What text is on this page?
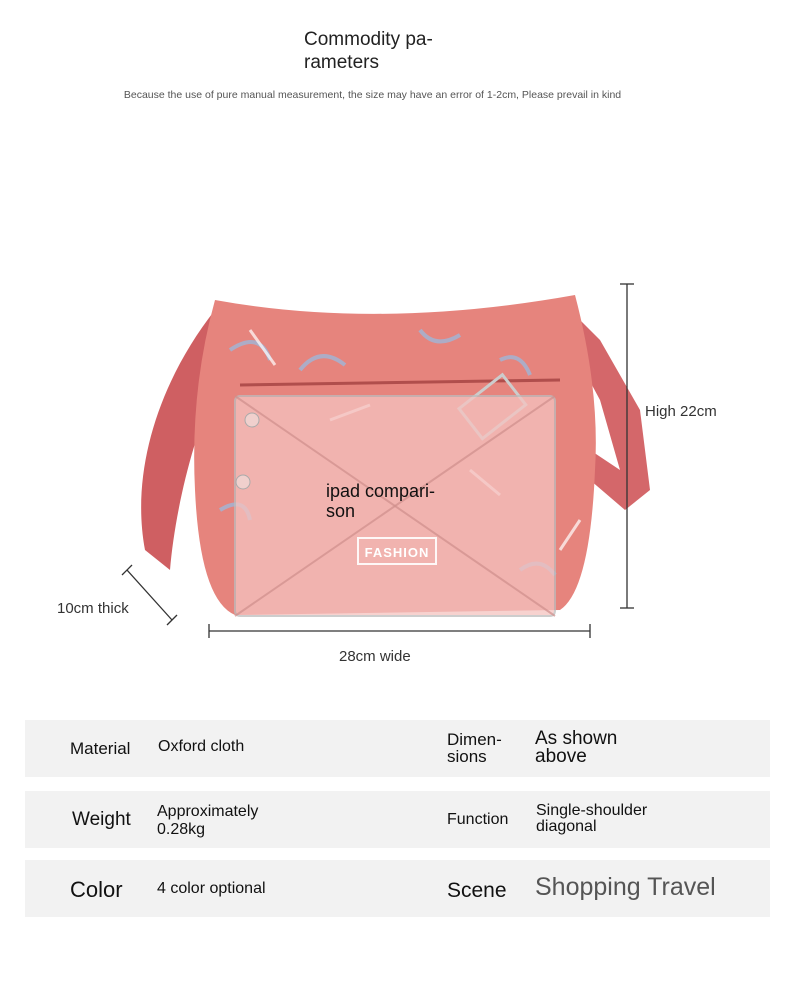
Commodity pa-
rameters
Because the use of pure manual measurement, the size may have an error of 1-2cm, Please prevail in kind
FASHION
ipad compari-
son
High 22cm
10cm thick
28cm wide
Material Oxford cloth	Dimen-
sions
As shown
above
Weight Approximately
0.28kg
Function
Single-shoulder
diagonal
Color 4 color optional	Scene Shopping Travel
